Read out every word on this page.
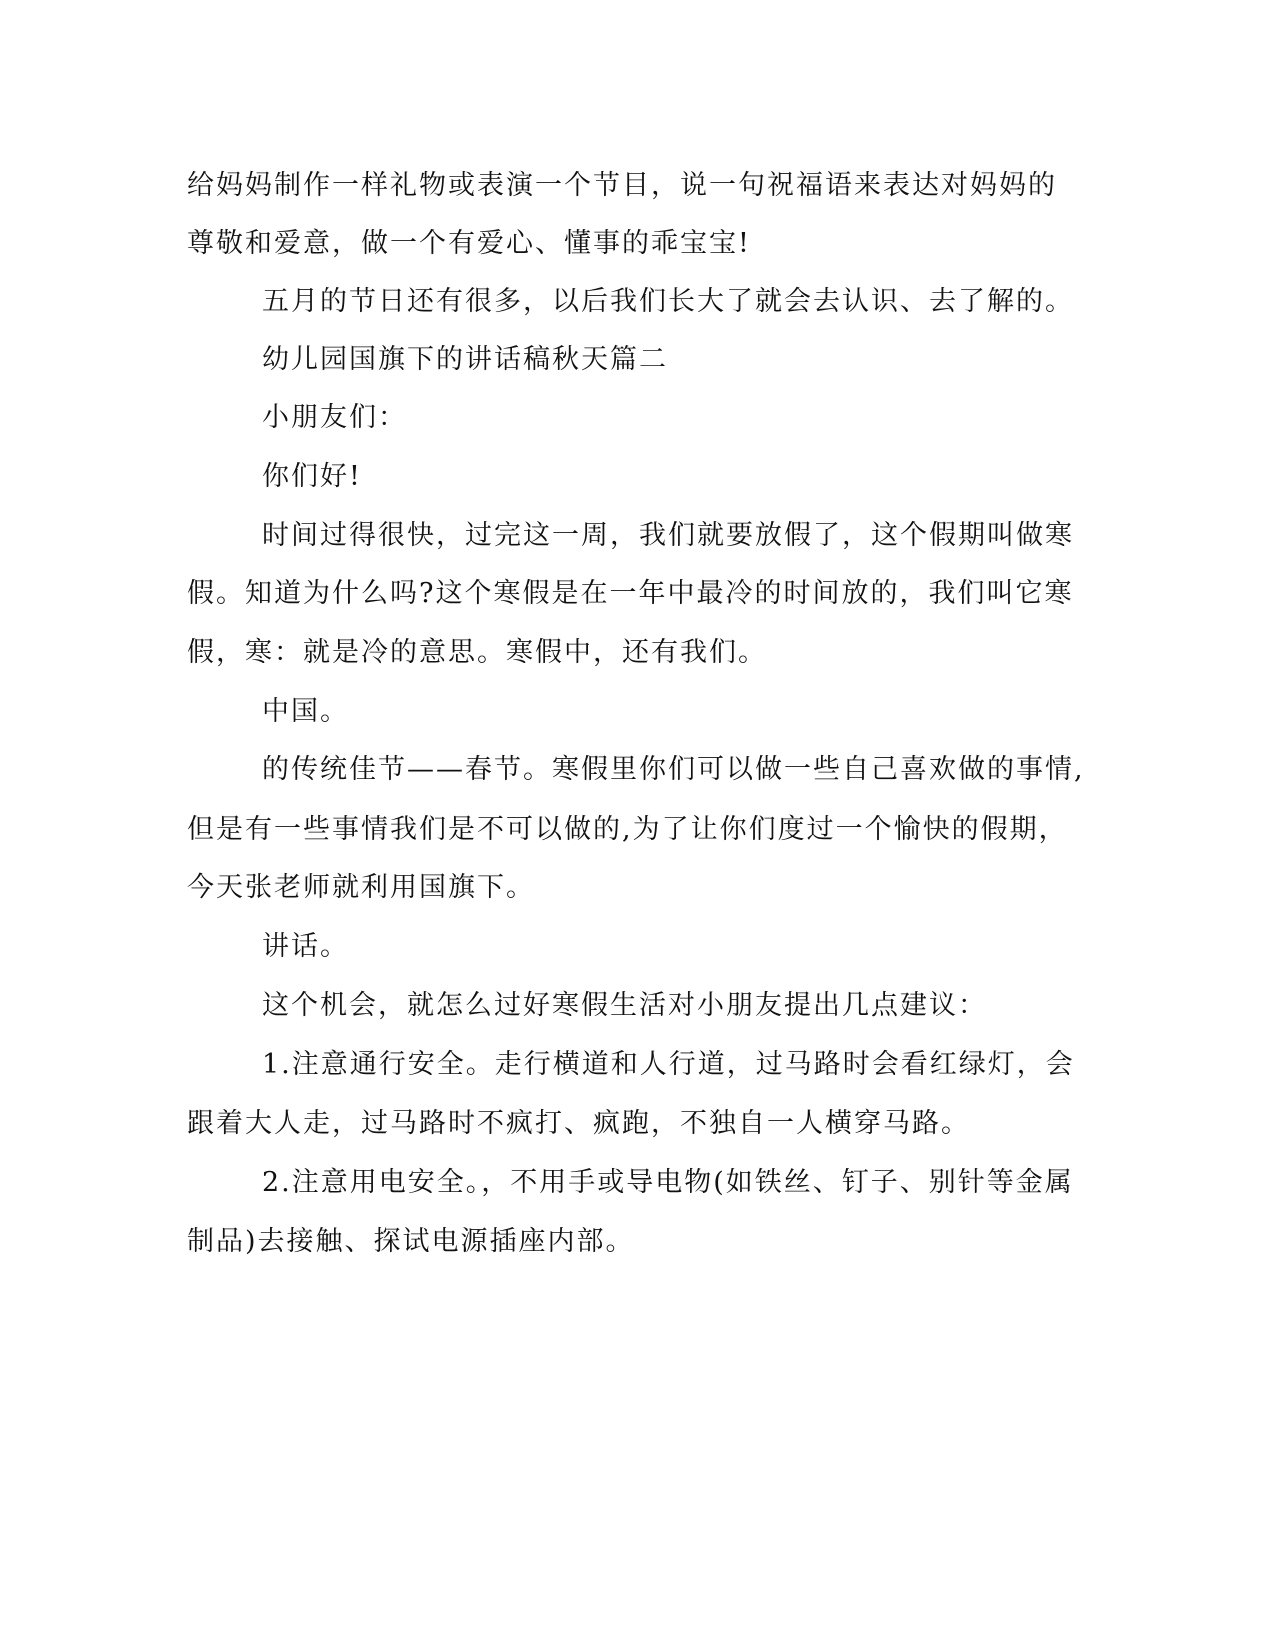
给妈妈制作一样礼物或表演一个节目，说一句祝福语来表达对妈妈的
尊敬和爱意，做一个有爱心、懂事的乖宝宝!
五月的节日还有很多，以后我们长大了就会去认识、去了解的。
幼儿园国旗下的讲话稿秋天篇二
小朋友们：
你们好!
时间过得很快，过完这一周，我们就要放假了，这个假期叫做寒
假。知道为什么吗?这个寒假是在一年中最冷的时间放的，我们叫它寒
假，寒：就是冷的意思。寒假中，还有我们。
中国。
的传统佳节——春节。寒假里你们可以做一些自己喜欢做的事情,
但是有一些事情我们是不可以做的,为了让你们度过一个愉快的假期，
今天张老师就利用国旗下。
讲话。
这个机会，就怎么过好寒假生活对小朋友提出几点建议：
1.注意通行安全。走行横道和人行道，过马路时会看红绿灯，会
跟着大人走，过马路时不疯打、疯跑，不独自一人横穿马路。
2.注意用电安全。，不用手或导电物(如铁丝、钉子、别针等金属
制品)去接触、探试电源插座内部。
